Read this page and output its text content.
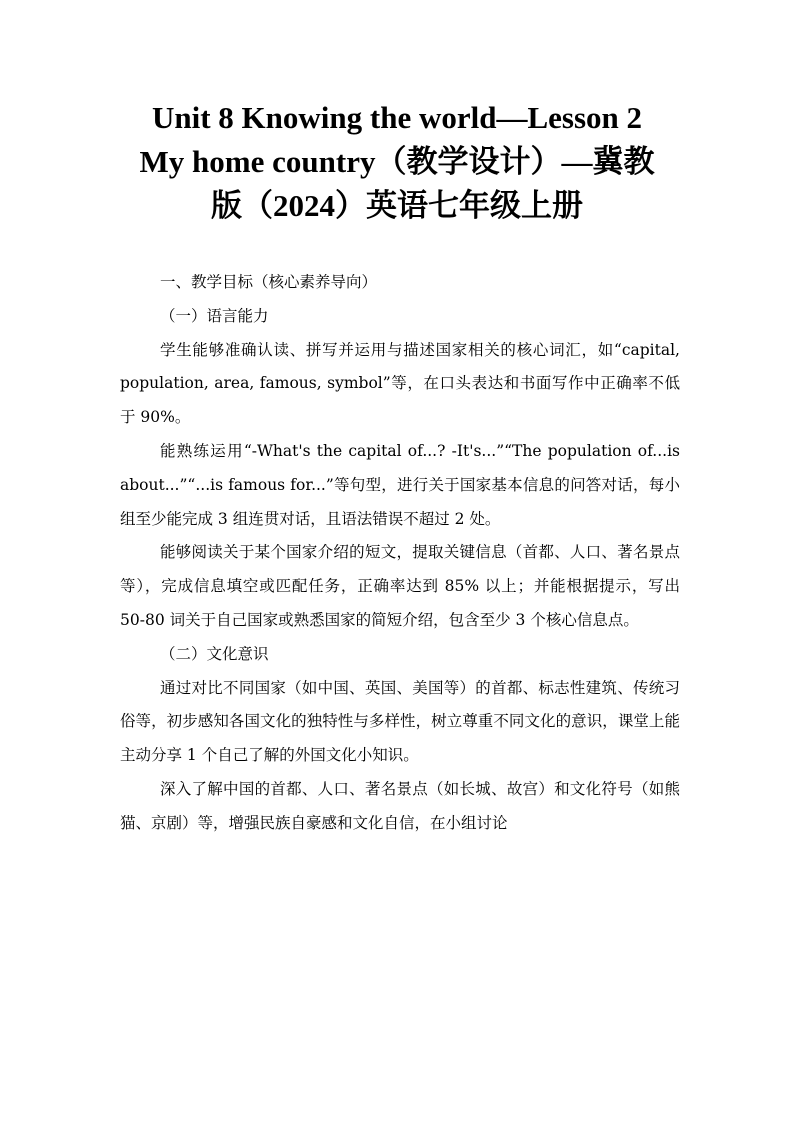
Unit 8 Knowing the world—Lesson 2
My home country（教学设计）—冀教
版（2024）英语七年级上册

一、教学目标（核心素养导向）

（一）语言能力

学生能够准确认读、拼写并运用与描述国家相关的核心词汇，如“capital, population, area, famous, symbol”等，在口头表达和书面写作中正确率不低于 90%。

能熟练运用“-What's the capital of...? -It's...”“The population of...is about...”“...is famous for...”等句型，进行关于国家基本信息的问答对话，每小组至少能完成 3 组连贯对话，且语法错误不超过 2 处。

能够阅读关于某个国家介绍的短文，提取关键信息（首都、人口、著名景点等），完成信息填空或匹配任务，正确率达到 85% 以上；并能根据提示，写出 50-80 词关于自己国家或熟悉国家的简短介绍，包含至少 3 个核心信息点。

（二）文化意识

通过对比不同国家（如中国、英国、美国等）的首都、标志性建筑、传统习俗等，初步感知各国文化的独特性与多样性，树立尊重不同文化的意识，课堂上能主动分享 1 个自己了解的外国文化小知识。

深入了解中国的首都、人口、著名景点（如长城、故宫）和文化符号（如熊猫、京剧）等，增强民族自豪感和文化自信，在小组讨论
